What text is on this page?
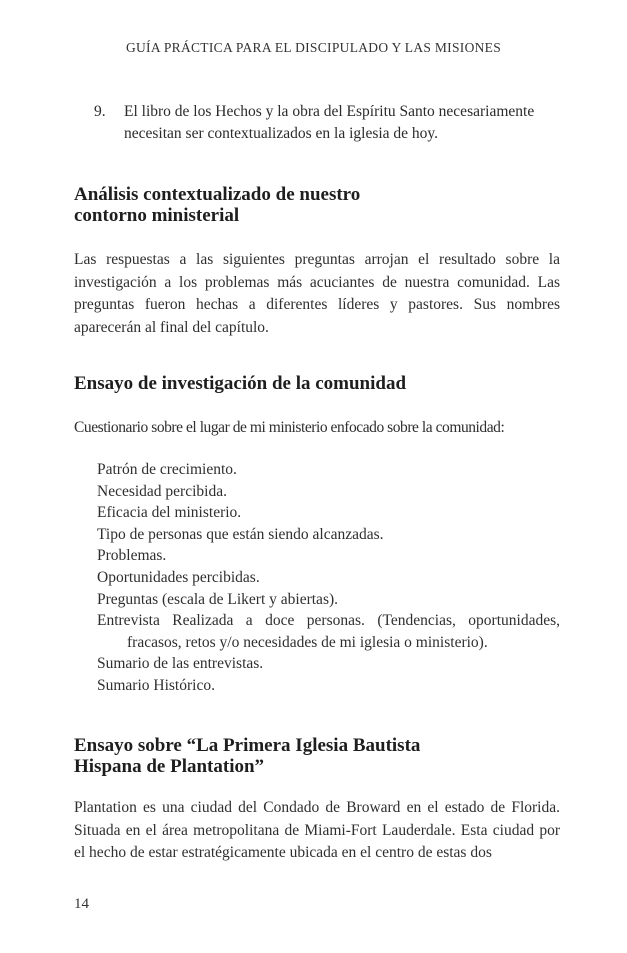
GUÍA PRÁCTICA PARA EL DISCIPULADO Y LAS MISIONES
9.	El libro de los Hechos y la obra del Espíritu Santo necesariamente necesitan ser contextualizados en la iglesia de hoy.
Análisis contextualizado de nuestro
contorno ministerial
Las respuestas a las siguientes preguntas arrojan el resultado sobre la investigación a los problemas más acuciantes de nuestra comunidad. Las preguntas fueron hechas a diferentes líderes y pastores. Sus nombres aparecerán al final del capítulo.
Ensayo de investigación de la comunidad
Cuestionario sobre el lugar de mi ministerio enfocado sobre la comunidad:
Patrón de crecimiento.
Necesidad percibida.
Eficacia del ministerio.
Tipo de personas que están siendo alcanzadas.
Problemas.
Oportunidades percibidas.
Preguntas (escala de Likert y abiertas).
Entrevista Realizada a doce personas. (Tendencias, oportunidades, fracasos, retos y/o necesidades de mi iglesia o ministerio).
Sumario de las entrevistas.
Sumario Histórico.
Ensayo sobre “La Primera Iglesia Bautista
Hispana de Plantation”
Plantation es una ciudad del Condado de Broward en el estado de Florida. Situada en el área metropolitana de Miami-Fort Lauderdale. Esta ciudad por el hecho de estar estratégicamente ubicada en el centro de estas dos
14
